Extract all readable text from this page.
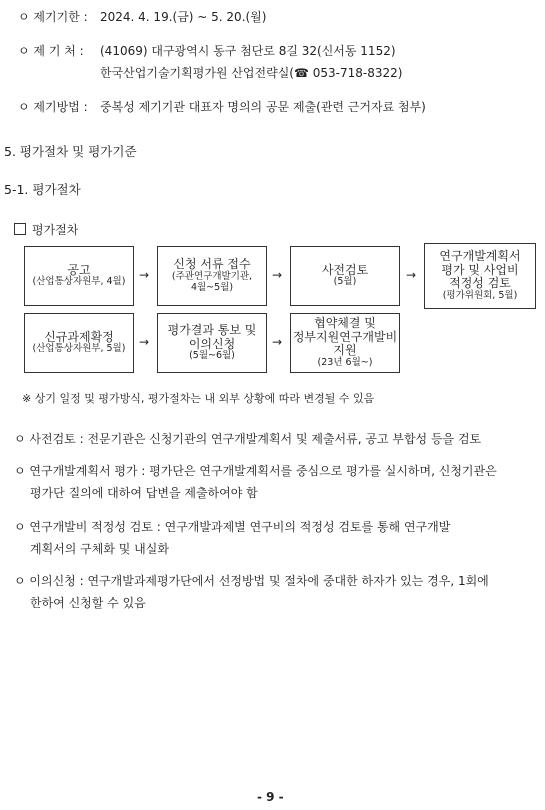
ㅇ 제기기한 : 2024. 4. 19.(금) ~ 5. 20.(월)
ㅇ 제 기 처 : (41069) 대구광역시 동구 첨단로 8길 32(신서동 1152)
한국산업기술기획평가원 산업전략실(☎ 053-718-8322)
ㅇ 제기방법 : 중복성 제기기관 대표자 명의의 공문 제출(관련 근거자료 첨부)
5. 평가절차 및 평가기준
5-1. 평가절차
평가절차
공고
(산업통상자원부, 4월) →
신청 서류 접수
(주관연구개발기관,
4월~5월)
→	사전검토
(5월)	→
연구개발계획서
평가 및 사업비
적정성 검토
(평가위원회, 5월)
신규과제확정
(산업통상자원부, 5월) →
평가결과 통보 및
이의신청
(5월~6월)
→
협약체결 및
정부지원연구개발비
지원
(23년 6월~)
※ 상기 일정 및 평가방식, 평가절차는 내 외부 상황에 따라 변경될 수 있음
ㅇ 사전검토 : 전문기관은 신청기관의 연구개발계획서 및 제출서류, 공고 부합성 등을 검토
ㅇ 연구개발계획서 평가 : 평가단은 연구개발계획서를 중심으로 평가를 실시하며, 신청기관은
평가단 질의에 대하여 답변을 제출하여야 함
ㅇ 연구개발비 적정성 검토 : 연구개발과제별 연구비의 적정성 검토를 통해 연구개발
계획서의 구체화 및 내실화
ㅇ 이의신청 : 연구개발과제평가단에서 선정방법 및 절차에 중대한 하자가 있는 경우, 1회에
한하여 신청할 수 있음
- 9 -
